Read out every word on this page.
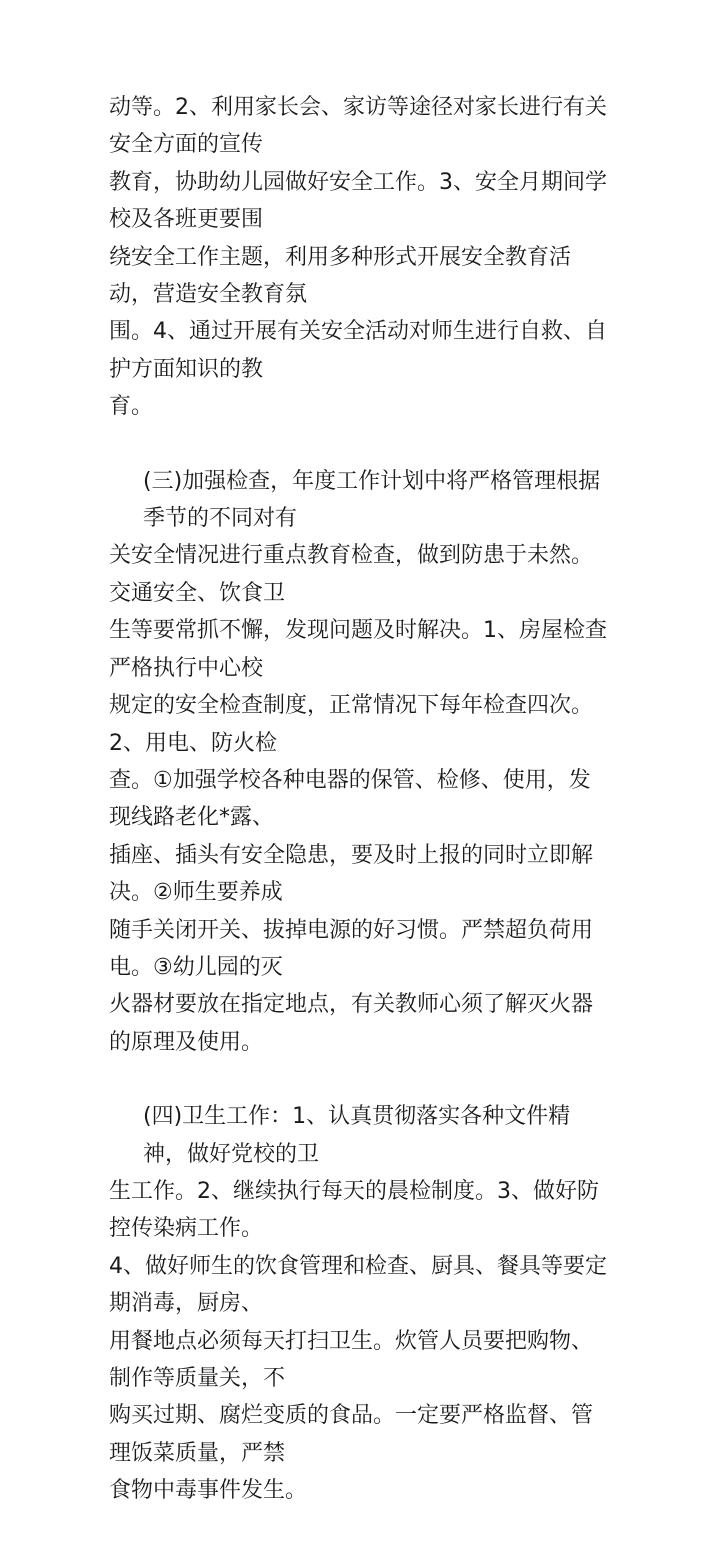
动等。2、利用家长会、家访等途径对家长进行有关安全方面的宣传
教育，协助幼儿园做好安全工作。3、安全月期间学校及各班更要围
绕安全工作主题，利用多种形式开展安全教育活动，营造安全教育氛
围。4、通过开展有关安全活动对师生进行自救、自护方面知识的教
育。
(三)加强检查，年度工作计划中将严格管理根据季节的不同对有
关安全情况进行重点教育检查，做到防患于未然。交通安全、饮食卫
生等要常抓不懈，发现问题及时解决。1、房屋检查严格执行中心校
规定的安全检查制度，正常情况下每年检查四次。2、用电、防火检
查。①加强学校各种电器的保管、检修、使用，发现线路老化*露、
插座、插头有安全隐患，要及时上报的同时立即解决。②师生要养成
随手关闭开关、拔掉电源的好习惯。严禁超负荷用电。③幼儿园的灭
火器材要放在指定地点，有关教师心须了解灭火器的原理及使用。
(四)卫生工作：1、认真贯彻落实各种文件精神，做好党校的卫
生工作。2、继续执行每天的晨检制度。3、做好防控传染病工作。
4、做好师生的饮食管理和检查、厨具、餐具等要定期消毒，厨房、
用餐地点必须每天打扫卫生。炊管人员要把购物、制作等质量关，不
购买过期、腐烂变质的食品。一定要严格监督、管理饭菜质量，严禁
食物中毒事件发生。
